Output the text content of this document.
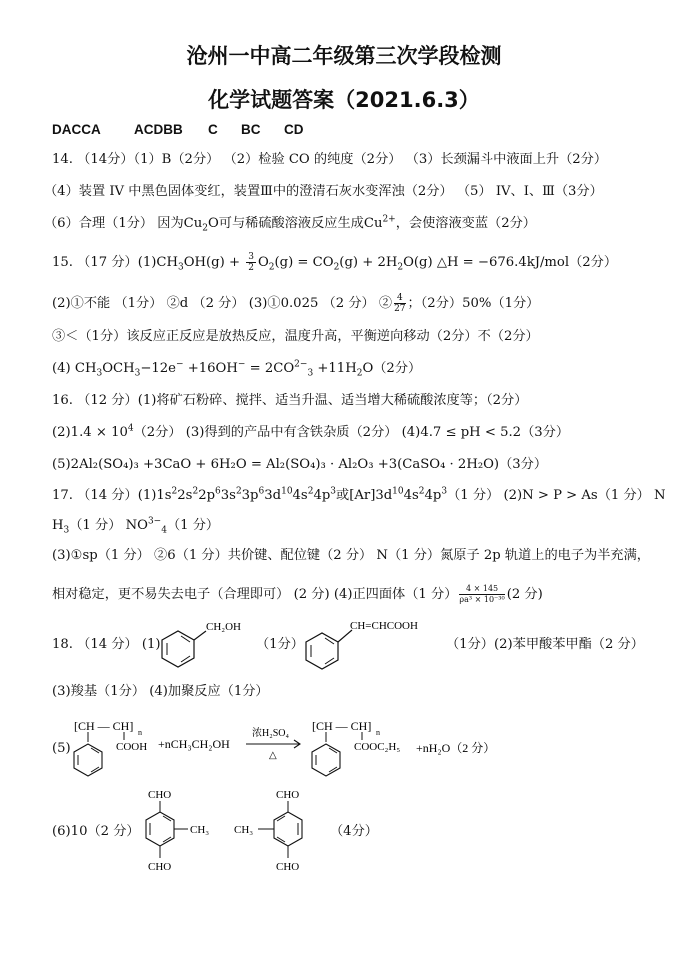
沧州一中高二年级第三次学段检测
化学试题答案（2021.6.3）
DACCA ACDBB C BC CD
14. （14分）（1）B（2分） （2）检验 CO 的纯度（2分） （3）长颈漏斗中液面上升（2分）
（4）装置 IV 中黑色固体变红，装置Ⅲ中的澄清石灰水变浑浊（2分） （5） IV、I、Ⅲ（3分）
（6）合理（1分） 因为$Cu_2O$可与稀硫酸溶液反应生成$Cu^{2+}$，会使溶液变蓝（2分）
15. （17 分）$(1)CH_3OH(g) + \frac{3}{2} O_2(g) = CO_2(g) + 2H_2O(g)$ △H = −676.4kJ/mol（2分）
(2)①不能 （1分） ②d （2 分） (3)①0.025 （2 分） ② $\frac{4}{27}$ ；（2分）50%（1分）
③＜（1分）该反应正反应是放热反应，温度升高，平衡逆向移动（2分）不（2分）
(4) $CH_3OCH_3-12e^- +16OH^- = 2CO^{2-}_3 +11H_2O(2$分）
16. （12 分）(1)将矿石粉碎、搅拌、适当升温、适当增大稀硫酸浓度等；（2分）
$(2)1.4 \times 10^4(2$分） (3)得到的产品中有含铁杂质（2分） (4)4.7 ≤ pH < 5.2（3分）
(5)2Al₂(SO₄)₃ +3CaO + 6H₂O = Al₂(SO₄)₃ · Al₂O₃ +3(CaSO₄ · 2H₂O)（3分）
17. （14 分）$(1)1s^22s^22p^63s^23p^63d^{10}4s^24p^3$或$[Ar]3d^{10}4s^24p^3(1$ 分） (2)N > P > As（1 分） N
$H_3(1$ 分） $NO^{3-}_4(1$ 分）
(3)①sp（1 分） ②6（1 分）共价键、配位键（2 分） N（1 分）氮原子 2p 轨道上的电子为半充满，
相对稳定，更不易失去电子（合理即可） (2 分) (4)正四面体（1 分） $\frac{4 \times 145}{\text{ρa³ × 10⁻³⁰}} (2$ 分)
18. （14 分） (1)
CH₂OH
（1分）
CH=CHCOOH
（1分）(2)苯甲酸苯甲酯（2 分）
(3)羧基（1分） (4)加聚反应（1分）
(5)
[CH — CH] n
COOH +nCH₃CH₂OH
浓H₂SO₄
△
[CH — CH] n
COOC₂H₅ +nH₂O（2 分）
(6)10（2 分）
CHO
CH₃
CHO
CHO
CH₃
CHO
（4分）
